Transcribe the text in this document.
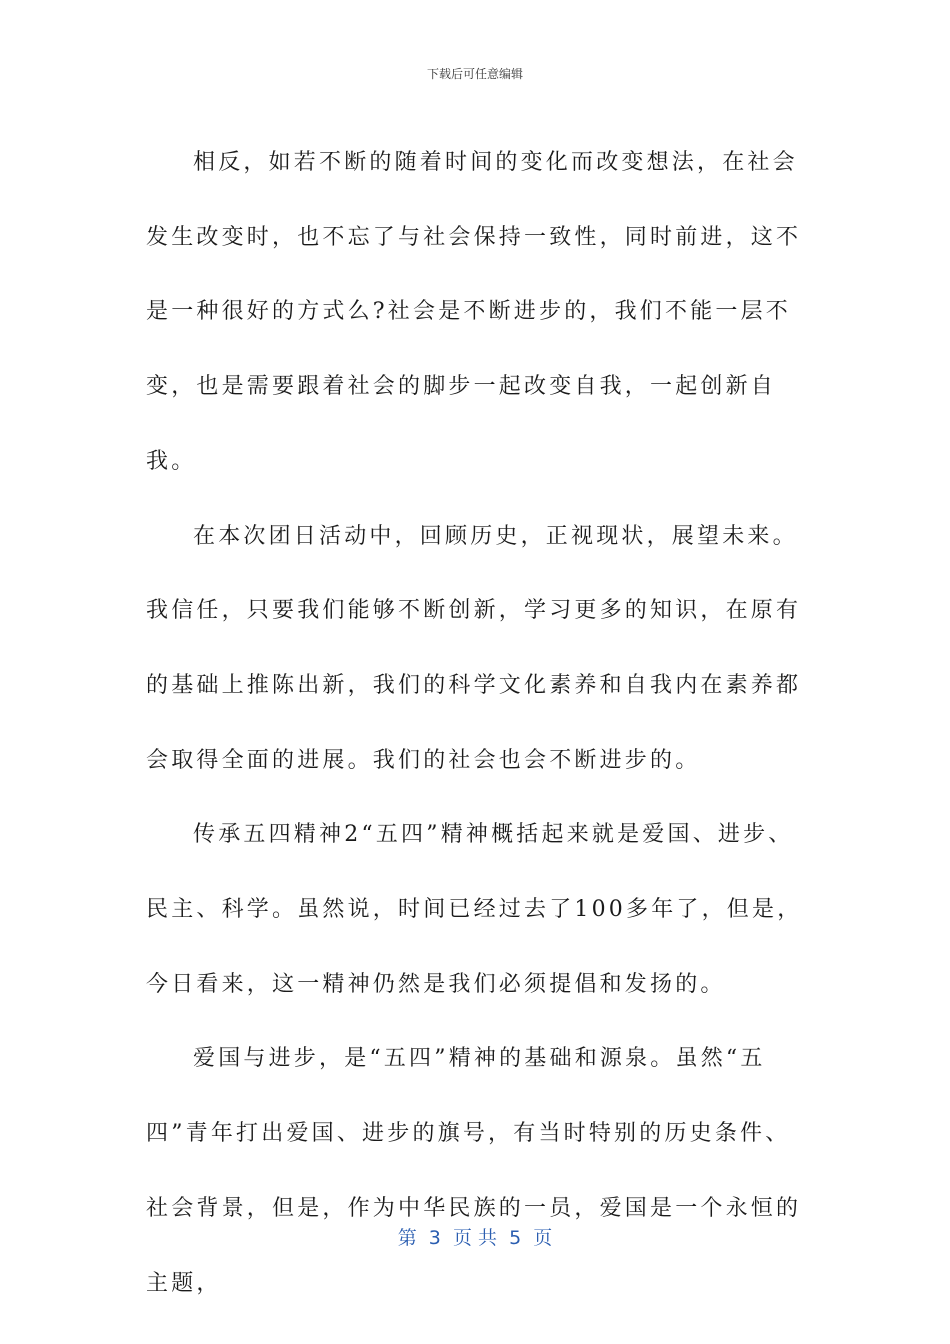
下载后可任意编辑

相反，如若不断的随着时间的变化而改变想法，在社会发生改变时，也不忘了与社会保持一致性，同时前进，这不是一种很好的方式么?社会是不断进步的，我们不能一层不变，也是需要跟着社会的脚步一起改变自我，一起创新自我。

在本次团日活动中，回顾历史，正视现状，展望未来。我信任，只要我们能够不断创新，学习更多的知识，在原有的基础上推陈出新，我们的科学文化素养和自我内在素养都会取得全面的进展。我们的社会也会不断进步的。

传承五四精神2“五四”精神概括起来就是爱国、进步、民主、科学。虽然说，时间已经过去了100多年了，但是，今日看来，这一精神仍然是我们必须提倡和发扬的。

爱国与进步，是“五四”精神的基础和源泉。虽然“五四”青年打出爱国、进步的旗号，有当时特别的历史条件、社会背景，但是，作为中华民族的一员，爱国是一个永恒的主题，

第  3  页 共  5  页
